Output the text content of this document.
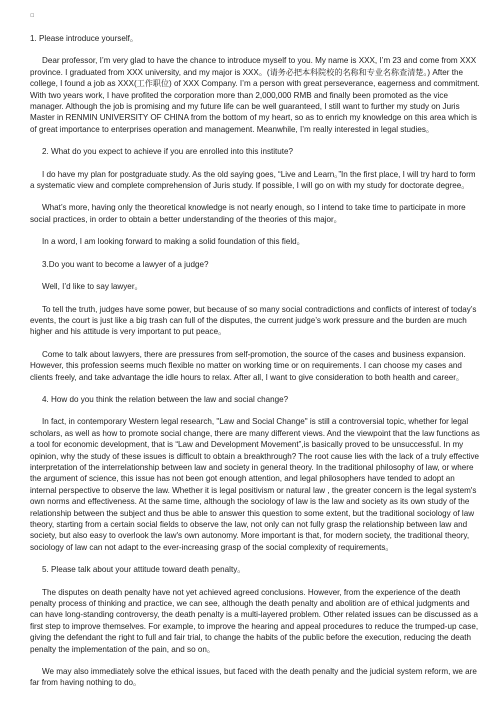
▫

1. Please introduce yourself。

Dear professor, I’m very glad to have the chance to introduce myself to you. My name is XXX, I’m 23 and come from XXX province. I graduated from XXX university, and my major is XXX。(请务必把本科院校的名称和专业名称查清楚。) After the college, I found a job as XXX(工作职位) of XXX Company. I’m a person with great perseverance, eagerness and commitment. With two years work, I have profited the corporation more than 2,000,000 RMB and finally been promoted as the vice manager. Although the job is promising and my future life can be well guaranteed, I still want to further my study on Juris Master in RENMIN UNIVERSITY OF CHINA from the bottom of my heart, so as to enrich my knowledge on this area which is of great importance to enterprises operation and management. Meanwhile, I’m really interested in legal studies。

2. What do you expect to achieve if you are enrolled into this institute?

I do have my plan for postgraduate study. As the old saying goes, “Live and Learn。”In the first place, I will try hard to form a systematic view and complete comprehension of Juris study. If possible, I will go on with my study for doctorate degree。

What’s more, having only the theoretical knowledge is not nearly enough, so I intend to take time to participate in more social practices, in order to obtain a better understanding of the theories of this major。

In a word, I am looking forward to making a solid foundation of this field。

3.Do you want to become a lawyer of a judge?

Well, I’d like to say lawyer。

To tell the truth, judges have some power, but because of so many social contradictions and conflicts of interest of today’s events, the court is just like a big trash can full of the disputes, the current judge’s work pressure and the burden are much higher and his attitude is very important to put peace。

Come to talk about lawyers, there are pressures from self-promotion, the source of the cases and business expansion. However, this profession seems much flexible no matter on working time or on requirements. I can choose my cases and clients freely, and take advantage the idle hours to relax. After all, I want to give consideration to both health and career。

4. How do you think the relation between the law and social change?

In fact, in contemporary Western legal research, "Law and Social Change" is still a controversial topic, whether for legal scholars, as well as how to promote social change, there are many different views. And the viewpoint that the law functions as a tool for economic development, that is “Law and Development Movement”,is basically proved to be unsuccessful. In my opinion, why the study of these issues is difficult to obtain a breakthrough? The root cause lies with the lack of a truly effective interpretation of the interrelationship between law and society in general theory. In the traditional philosophy of law, or where the argument of science, this issue has not been got enough attention, and legal philosophers have tended to adopt an internal perspective to observe the law. Whether it is legal positivism or natural law , the greater concern is the legal system's own norms and effectiveness. At the same time, although the sociology of law is the law and society as its own study of the relationship between the subject and thus be able to answer this question to some extent, but the traditional sociology of law theory, starting from a certain social fields to observe the law, not only can not fully grasp the relationship between law and society, but also easy to overlook the law's own autonomy. More important is that, for modern society, the traditional theory, sociology of law can not adapt to the ever-increasing grasp of the social complexity of requirements。

5. Please talk about your attitude toward death penalty。

The disputes on death penalty have not yet achieved agreed conclusions. However, from the experience of the death penalty process of thinking and practice, we can see, although the death penalty and abolition are of ethical judgments and can have long-standing controversy, the death penalty is a multi-layered problem. Other related issues can be discussed as a first step to improve themselves. For example, to improve the hearing and appeal procedures to reduce the trumped-up case, giving the defendant the right to full and fair trial, to change the habits of the public before the execution, reducing the death penalty the implementation of the pain, and so on。

We may also immediately solve the ethical issues, but faced with the death penalty and the judicial system reform, we are far from having nothing to do。
